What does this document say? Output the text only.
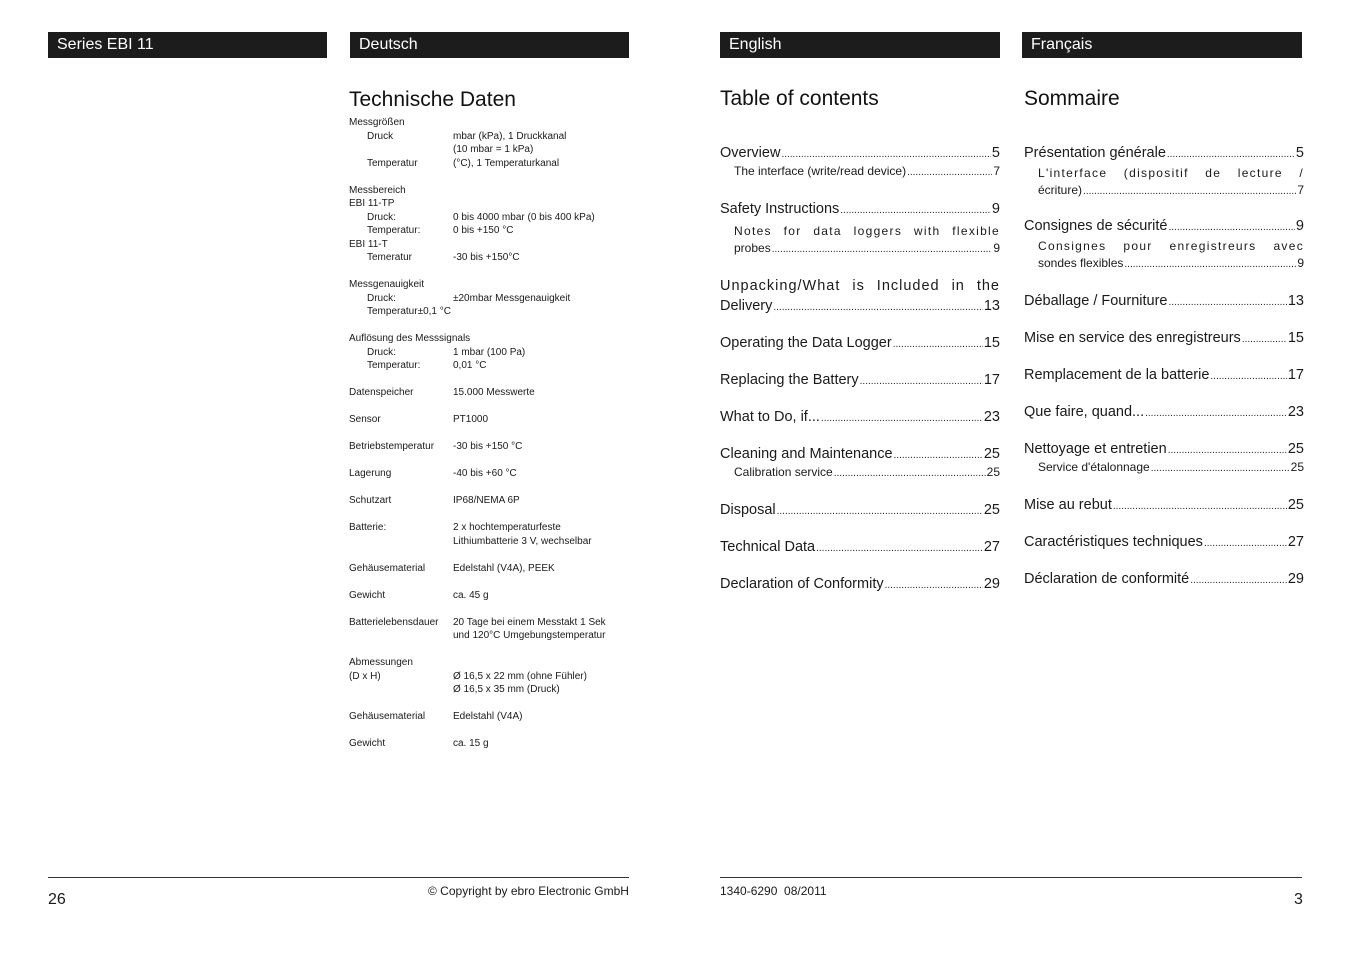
Series EBI 11	Deutsch	English	Français
Technische Daten
Messgrößen
Druck	mbar (kPa), 1 Druckkanal
(10 mbar = 1 kPa)
Temperatur	(°C), 1 Temperaturkanal
Messbereich
EBI 11-TP
Druck:	0 bis 4000 mbar (0 bis 400 kPa)
Temperatur:	0 bis +150 °C
EBI 11-T
Temeratur	-30 bis +150°C
Messgenauigkeit
Druck:	±20mbar Messgenauigkeit
Temperatur±0,1 °C
Auflösung des Messsignals
Druck:	1 mbar (100 Pa)
Temperatur:	0,01 °C
Datenspeicher	15.000 Messwerte
Sensor	PT1000
Betriebstemperatur	-30 bis +150 °C
Lagerung	-40 bis +60 °C
Schutzart	IP68/NEMA 6P
Batterie:	2 x hochtemperaturfeste
Lithiumbatterie 3 V, wechselbar
Gehäusematerial	Edelstahl (V4A), PEEK
Gewicht	ca. 45 g
Batterielebensdauer	20 Tage bei einem Messtakt 1 Sek
und 120°C Umgebungstemperatur
Abmessungen
(D x H)	Ø 16,5 x 22 mm (ohne Fühler)
Ø 16,5 x 35 mm (Druck)
Gehäusematerial	Edelstahl (V4A)
Gewicht	ca. 15 g
Table of contents
Overview .....	5
The interface (write/read device) .....	7
Safety Instructions .....	9
Notes for data loggers with flexible
probes .....	9
Unpacking/What is Included in the
Delivery .....	13
Operating the Data Logger .....	15
Replacing the Battery .....	17
What to Do, if... .....	23
Cleaning and Maintenance .....	25
Calibration service .....	25
Disposal .....	25
Technical Data .....	27
Declaration of Conformity .....	29
Sommaire
Présentation générale .....	5
L'interface (dispositif de lecture /
écriture) .....	7
Consignes de sécurité .....	9
Consignes pour enregistreurs avec
sondes flexibles .....	9
Déballage / Fourniture .....	13
Mise en service des enregistreurs .....	15
Remplacement de la batterie .....	17
Que faire, quand... .....	23
Nettoyage et entretien .....	25
Service d'étalonnage .....	25
Mise au rebut .....	25
Caractéristiques techniques .....	27
Déclaration de conformité .....	29
26	© Copyright by ebro Electronic GmbH	1340-6290  08/2011	3
